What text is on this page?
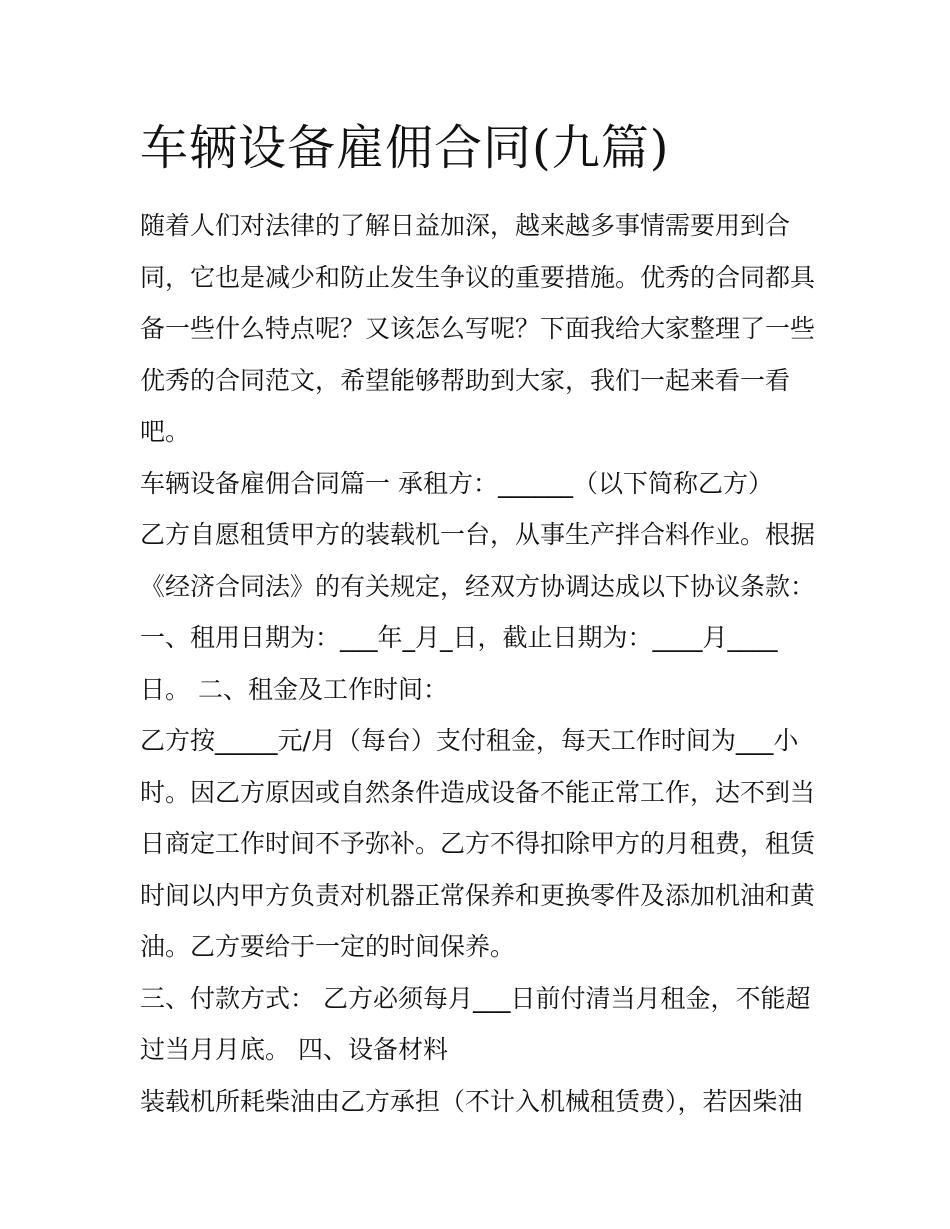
车辆设备雇佣合同(九篇)
随着人们对法律的了解日益加深，越来越多事情需要用到合
同，它也是减少和防止发生争议的重要措施。优秀的合同都具
备一些什么特点呢？又该怎么写呢？下面我给大家整理了一些
优秀的合同范文，希望能够帮助到大家，我们一起来看一看
吧。
车辆设备雇佣合同篇一 承租方：______（以下简称乙方）
乙方自愿租赁甲方的装载机一台，从事生产拌合料作业。根据
《经济合同法》的有关规定，经双方协调达成以下协议条款：
一、租用日期为：___年_月_日，截止日期为：____月____
日。 二、租金及工作时间：
乙方按_____元/月（每台）支付租金，每天工作时间为___小
时。因乙方原因或自然条件造成设备不能正常工作，达不到当
日商定工作时间不予弥补。乙方不得扣除甲方的月租费，租赁
时间以内甲方负责对机器正常保养和更换零件及添加机油和黄
油。乙方要给于一定的时间保养。
三、付款方式： 乙方必须每月___日前付清当月租金，不能超
过当月月底。 四、设备材料
装载机所耗柴油由乙方承担（不计入机械租赁费），若因柴油
